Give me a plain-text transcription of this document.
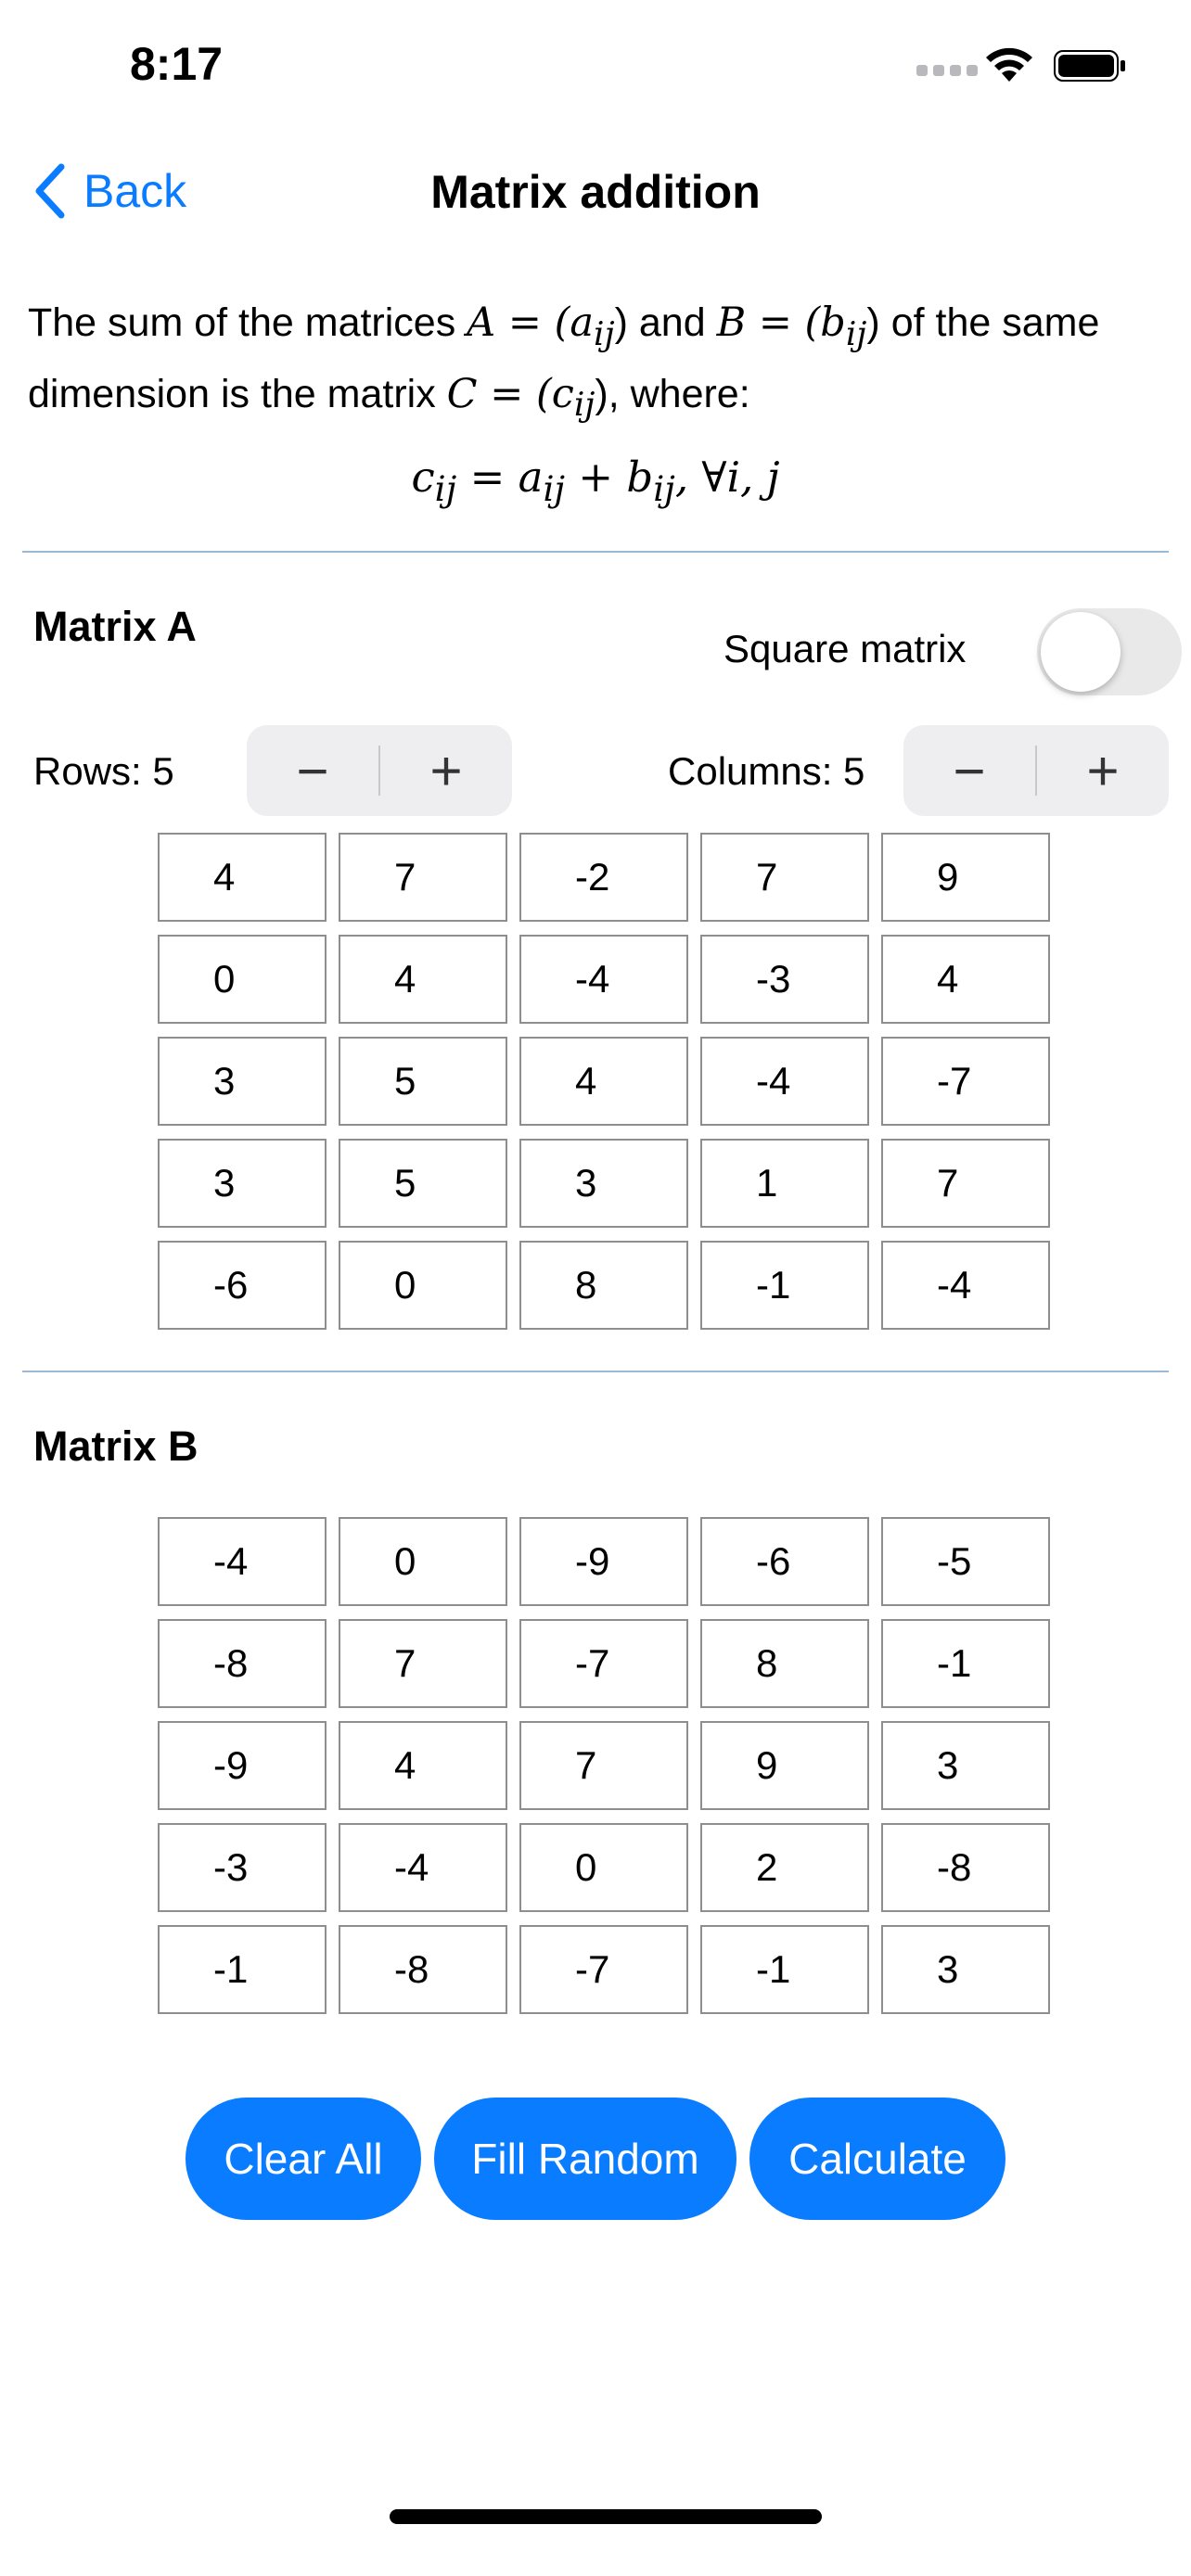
8:17
Back	Matrix addition
The sum of the matrices $A = (a_{ij})$ and $B = (b_{ij})$ of the same dimension is the matrix $C = (c_{ij})$, where:
$c_{ij} = a_{ij} + b_{ij}$, ∀i, j
Matrix A	Square matrix
Rows: 5	−	+	Columns: 5	−	+
4	7	-2	7	9
0	4	-4	-3	4
3	5	4	-4	-7
3	5	3	1	7
-6	0	8	-1	-4
Matrix B
-4	0	-9	-6	-5
-8	7	-7	8	-1
-9	4	7	9	3
-3	-4	0	2	-8
-1	-8	-7	-1	3
Clear All	Fill Random	Calculate
